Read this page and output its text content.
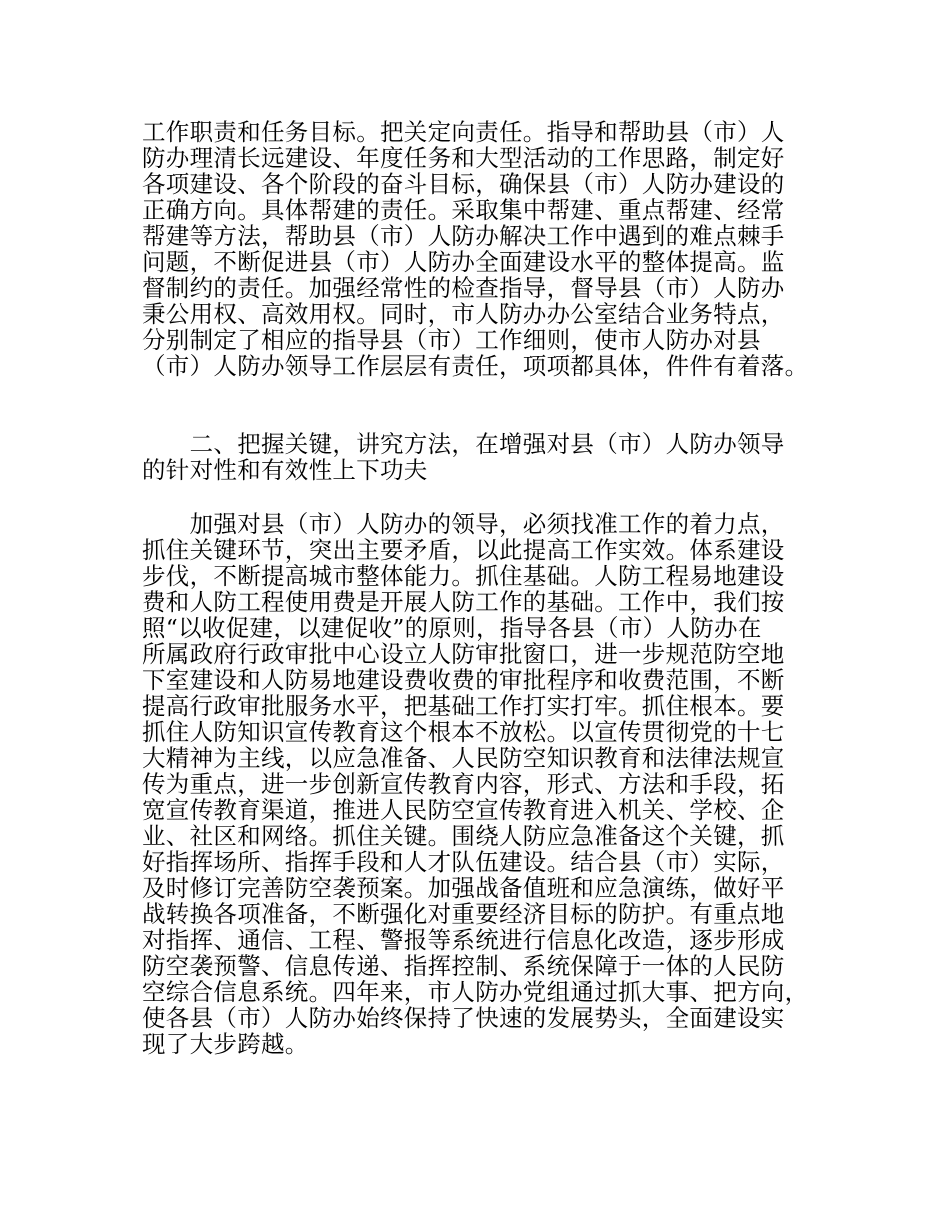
工作职责和任务目标。把关定向责任。指导和帮助县（市）人
防办理清长远建设、年度任务和大型活动的工作思路，制定好
各项建设、各个阶段的奋斗目标，确保县（市）人防办建设的
正确方向。具体帮建的责任。采取集中帮建、重点帮建、经常
帮建等方法，帮助县（市）人防办解决工作中遇到的难点棘手
问题，不断促进县（市）人防办全面建设水平的整体提高。监
督制约的责任。加强经常性的检查指导，督导县（市）人防办
秉公用权、高效用权。同时，市人防办办公室结合业务特点，
分别制定了相应的指导县（市）工作细则，使市人防办对县
（市）人防办领导工作层层有责任，项项都具体，件件有着落。
　　二、把握关键，讲究方法，在增强对县（市）人防办领导
的针对性和有效性上下功夫
　　加强对县（市）人防办的领导，必须找准工作的着力点，
抓住关键环节，突出主要矛盾，以此提高工作实效。体系建设
步伐，不断提高城市整体能力。抓住基础。人防工程易地建设
费和人防工程使用费是开展人防工作的基础。工作中，我们按
照“以收促建，以建促收”的原则，指导各县（市）人防办在
所属政府行政审批中心设立人防审批窗口，进一步规范防空地
下室建设和人防易地建设费收费的审批程序和收费范围，不断
提高行政审批服务水平，把基础工作打实打牢。抓住根本。要
抓住人防知识宣传教育这个根本不放松。以宣传贯彻党的十七
大精神为主线，以应急准备、人民防空知识教育和法律法规宣
传为重点，进一步创新宣传教育内容，形式、方法和手段，拓
宽宣传教育渠道，推进人民防空宣传教育进入机关、学校、企
业、社区和网络。抓住关键。围绕人防应急准备这个关键，抓
好指挥场所、指挥手段和人才队伍建设。结合县（市）实际，
及时修订完善防空袭预案。加强战备值班和应急演练，做好平
战转换各项准备，不断强化对重要经济目标的防护。有重点地
对指挥、通信、工程、警报等系统进行信息化改造，逐步形成
防空袭预警、信息传递、指挥控制、系统保障于一体的人民防
空综合信息系统。四年来，市人防办党组通过抓大事、把方向，
使各县（市）人防办始终保持了快速的发展势头，全面建设实
现了大步跨越。
